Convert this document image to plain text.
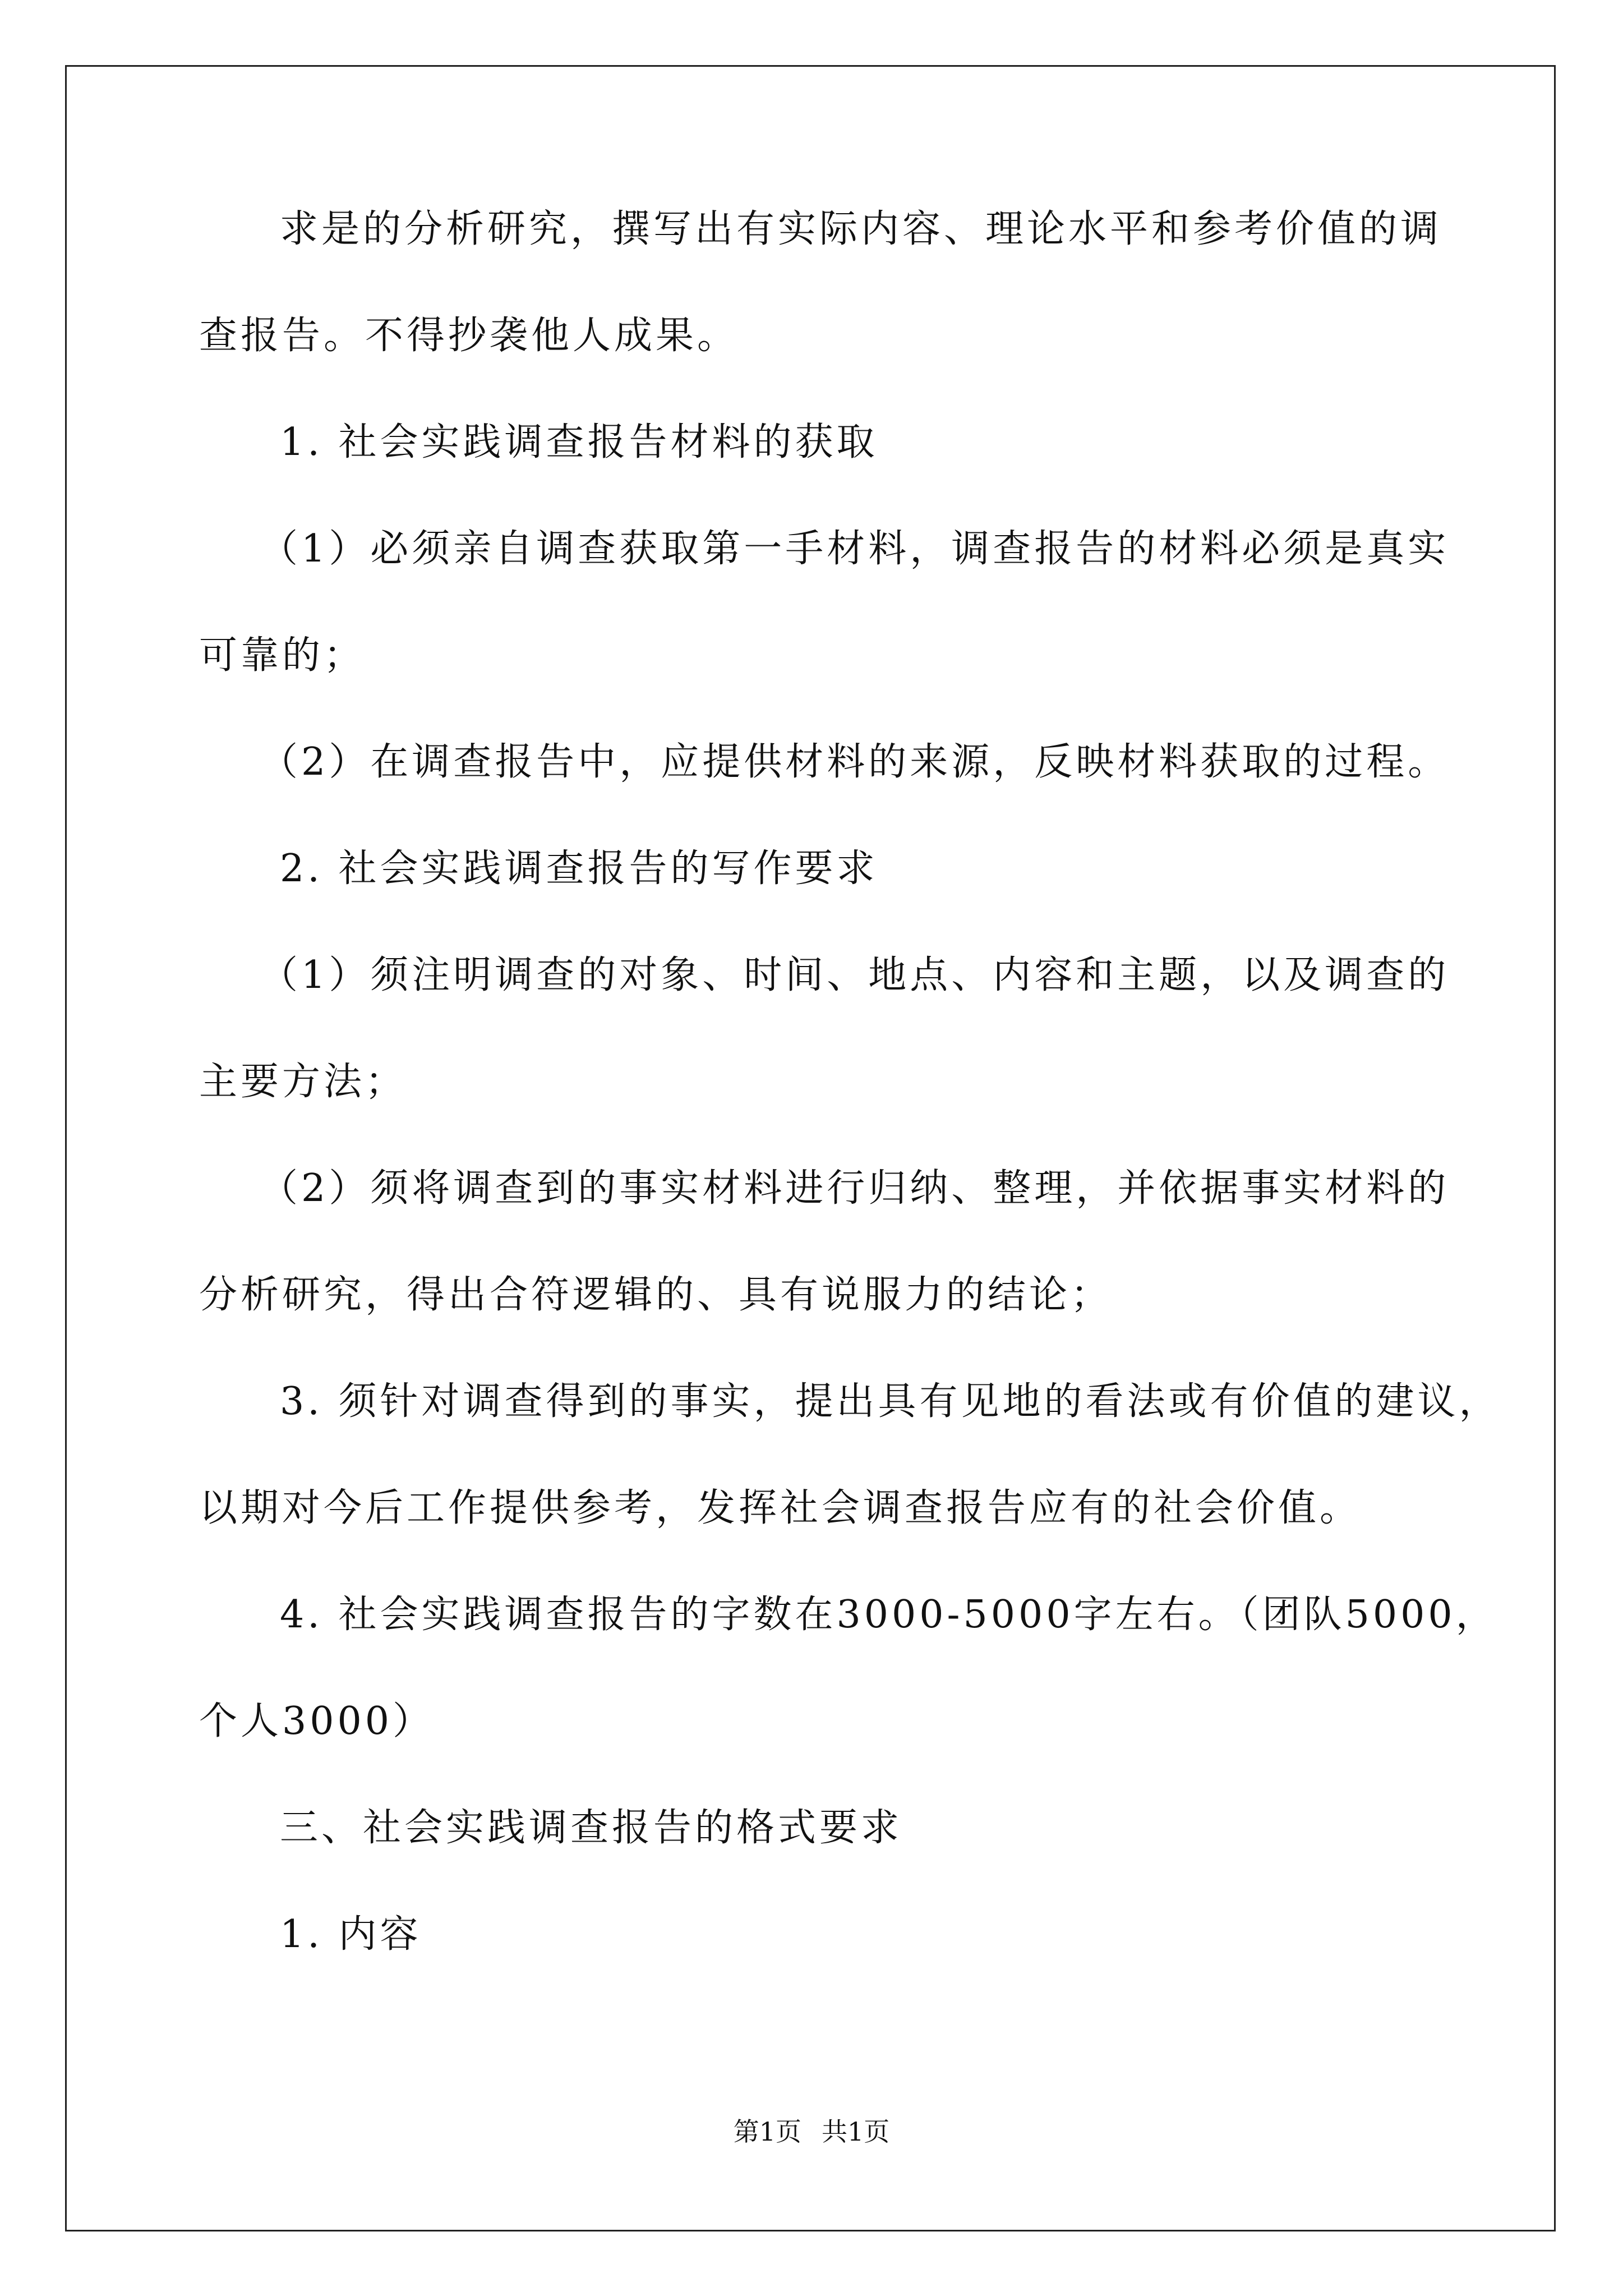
求是的分析研究，撰写出有实际内容、理论水平和参考价值的调
查报告。不得抄袭他人成果。
1. 社会实践调查报告材料的获取
（1）必须亲自调查获取第一手材料，调查报告的材料必须是真实
可靠的；
（2）在调查报告中，应提供材料的来源，反映材料获取的过程。
2. 社会实践调查报告的写作要求
（1）须注明调查的对象、时间、地点、内容和主题，以及调查的
主要方法；
（2）须将调查到的事实材料进行归纳、整理，并依据事实材料的
分析研究，得出合符逻辑的、具有说服力的结论；
3. 须针对调查得到的事实，提出具有见地的看法或有价值的建议，
以期对今后工作提供参考，发挥社会调查报告应有的社会价值。
4. 社会实践调查报告的字数在3000-5000字左右。（团队5000，
个人3000）
三、社会实践调查报告的格式要求
1. 内容
第1页 共1页
